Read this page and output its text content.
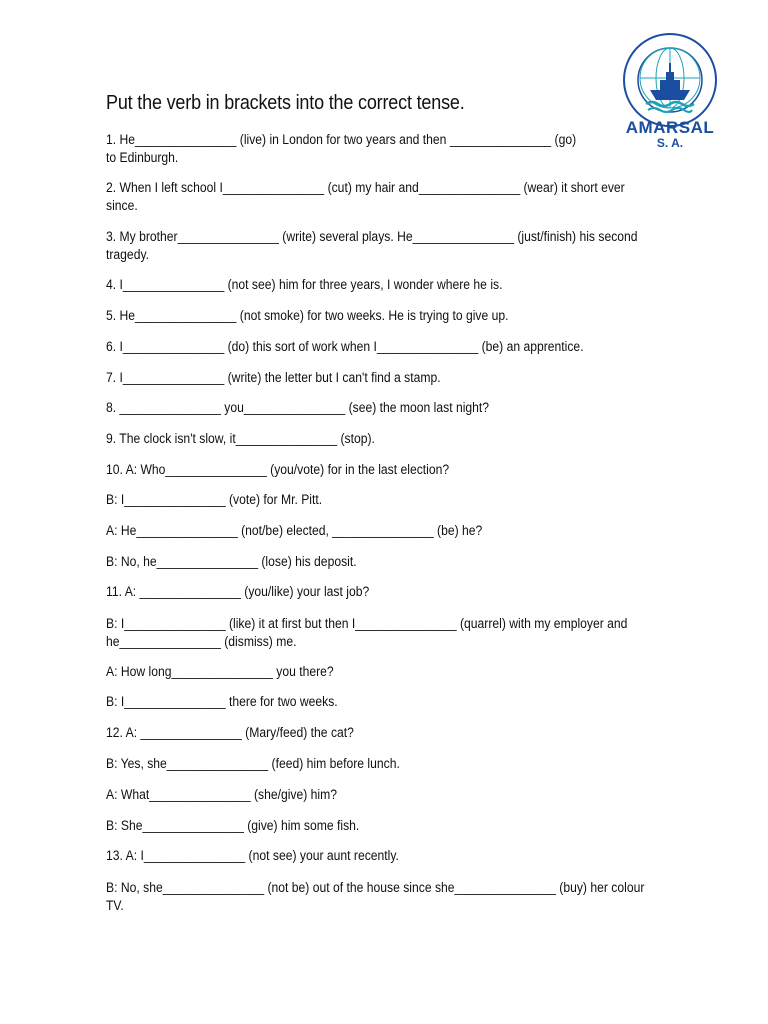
AMARSAL
S. A.
Put the verb in brackets into the correct tense.
1. He_______________ (live) in London for two years and then _______________ (go)
to Edinburgh.
2. When I left school I_______________ (cut) my hair and_______________ (wear) it short ever
since.
3. My brother_______________ (write) several plays. He_______________ (just/finish) his second
tragedy.
4. I_______________ (not see) him for three years, I wonder where he is.
5. He_______________ (not smoke) for two weeks. He is trying to give up.
6. I_______________ (do) this sort of work when I_______________ (be) an apprentice.
7. I_______________ (write) the letter but I can't find a stamp.
8. _______________ you_______________ (see) the moon last night?
9. The clock isn't slow, it_______________ (stop).
10. A: Who_______________ (you/vote) for in the last election?
B: I_______________ (vote) for Mr. Pitt.
A: He_______________ (not/be) elected, _______________ (be) he?
B: No, he_______________ (lose) his deposit.
11. A: _______________ (you/like) your last job?
B: I_______________ (like) it at first but then I_______________ (quarrel) with my employer and
he_______________ (dismiss) me.
A: How long_______________ you there?
B: I_______________ there for two weeks.
12. A: _______________ (Mary/feed) the cat?
B: Yes, she_______________ (feed) him before lunch.
A: What_______________ (she/give) him?
B: She_______________ (give) him some fish.
13. A: I_______________ (not see) your aunt recently.
B: No, she_______________ (not be) out of the house since she_______________ (buy) her colour
TV.
